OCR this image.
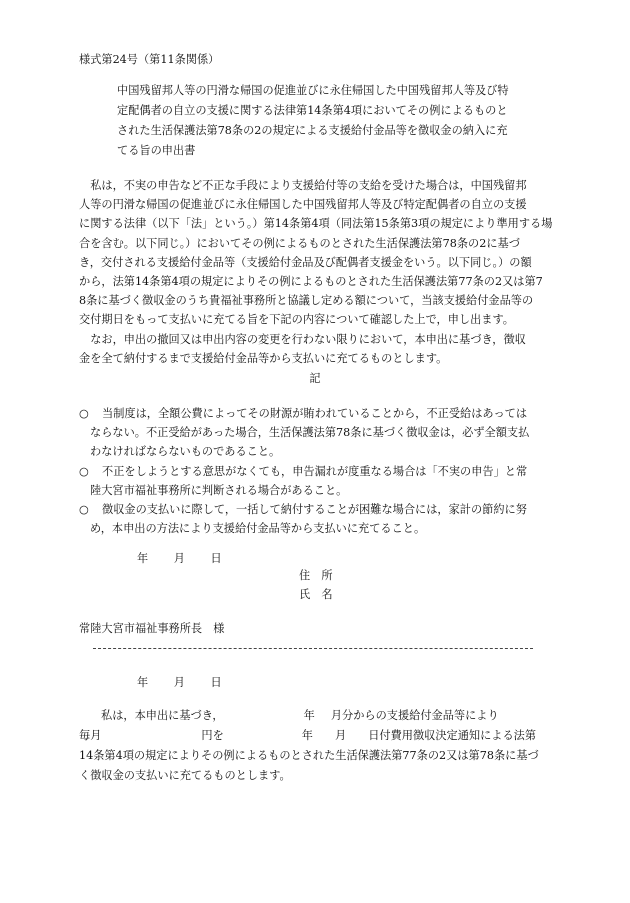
様式第24号（第11条関係）
中国残留邦人等の円滑な帰国の促進並びに永住帰国した中国残留邦人等及び特
定配偶者の自立の支援に関する法律第14条第4項においてその例によるものと
された生活保護法第78条の2の規定による支援給付金品等を徴収金の納入に充
てる旨の申出書
私は，不実の申告など不正な手段により支援給付等の支給を受けた場合は，中国残留邦
人等の円滑な帰国の促進並びに永住帰国した中国残留邦人等及び特定配偶者の自立の支援
に関する法律（以下「法」という。）第14条第4項（同法第15条第3項の規定により準用する場
合を含む。以下同じ。）においてその例によるものとされた生活保護法第78条の2に基づ
き，交付される支援給付金品等（支援給付金品及び配偶者支援金をいう。以下同じ。）の額
から，法第14条第4項の規定によりその例によるものとされた生活保護法第77条の2又は第7
8条に基づく徴収金のうち貴福祉事務所と協議し定める額について，当該支援給付金品等の
交付期日をもって支払いに充てる旨を下記の内容について確認した上で，申し出ます。
なお，申出の撤回又は申出内容の変更を行わない限りにおいて，本申出に基づき，徴収
金を全て納付するまで支援給付金品等から支払いに充てるものとします。
記
○ 当制度は，全額公費によってその財源が賄われていることから，不正受給はあっては
ならない。不正受給があった場合，生活保護法第78条に基づく徴収金は，必ず全額支払
わなければならないものであること。
○ 不正をしようとする意思がなくても，申告漏れが度重なる場合は「不実の申告」と常
陸大宮市福祉事務所に判断される場合があること。
○ 徴収金の支払いに際して，一括して納付することが困難な場合には，家計の節約に努
め，本申出の方法により支援給付金品等から支払いに充てること。
年 月 日
住　所
氏　名
常陸大宮市福祉事務所長　様
年 月 日
私は，本申出に基づき，	年 月分からの支援給付金品等により
毎月	円を	年 月 日付費用徴収決定通知による法第
14条第4項の規定によりその例によるものとされた生活保護法第77条の2又は第78条に基づ
く徴収金の支払いに充てるものとします。
